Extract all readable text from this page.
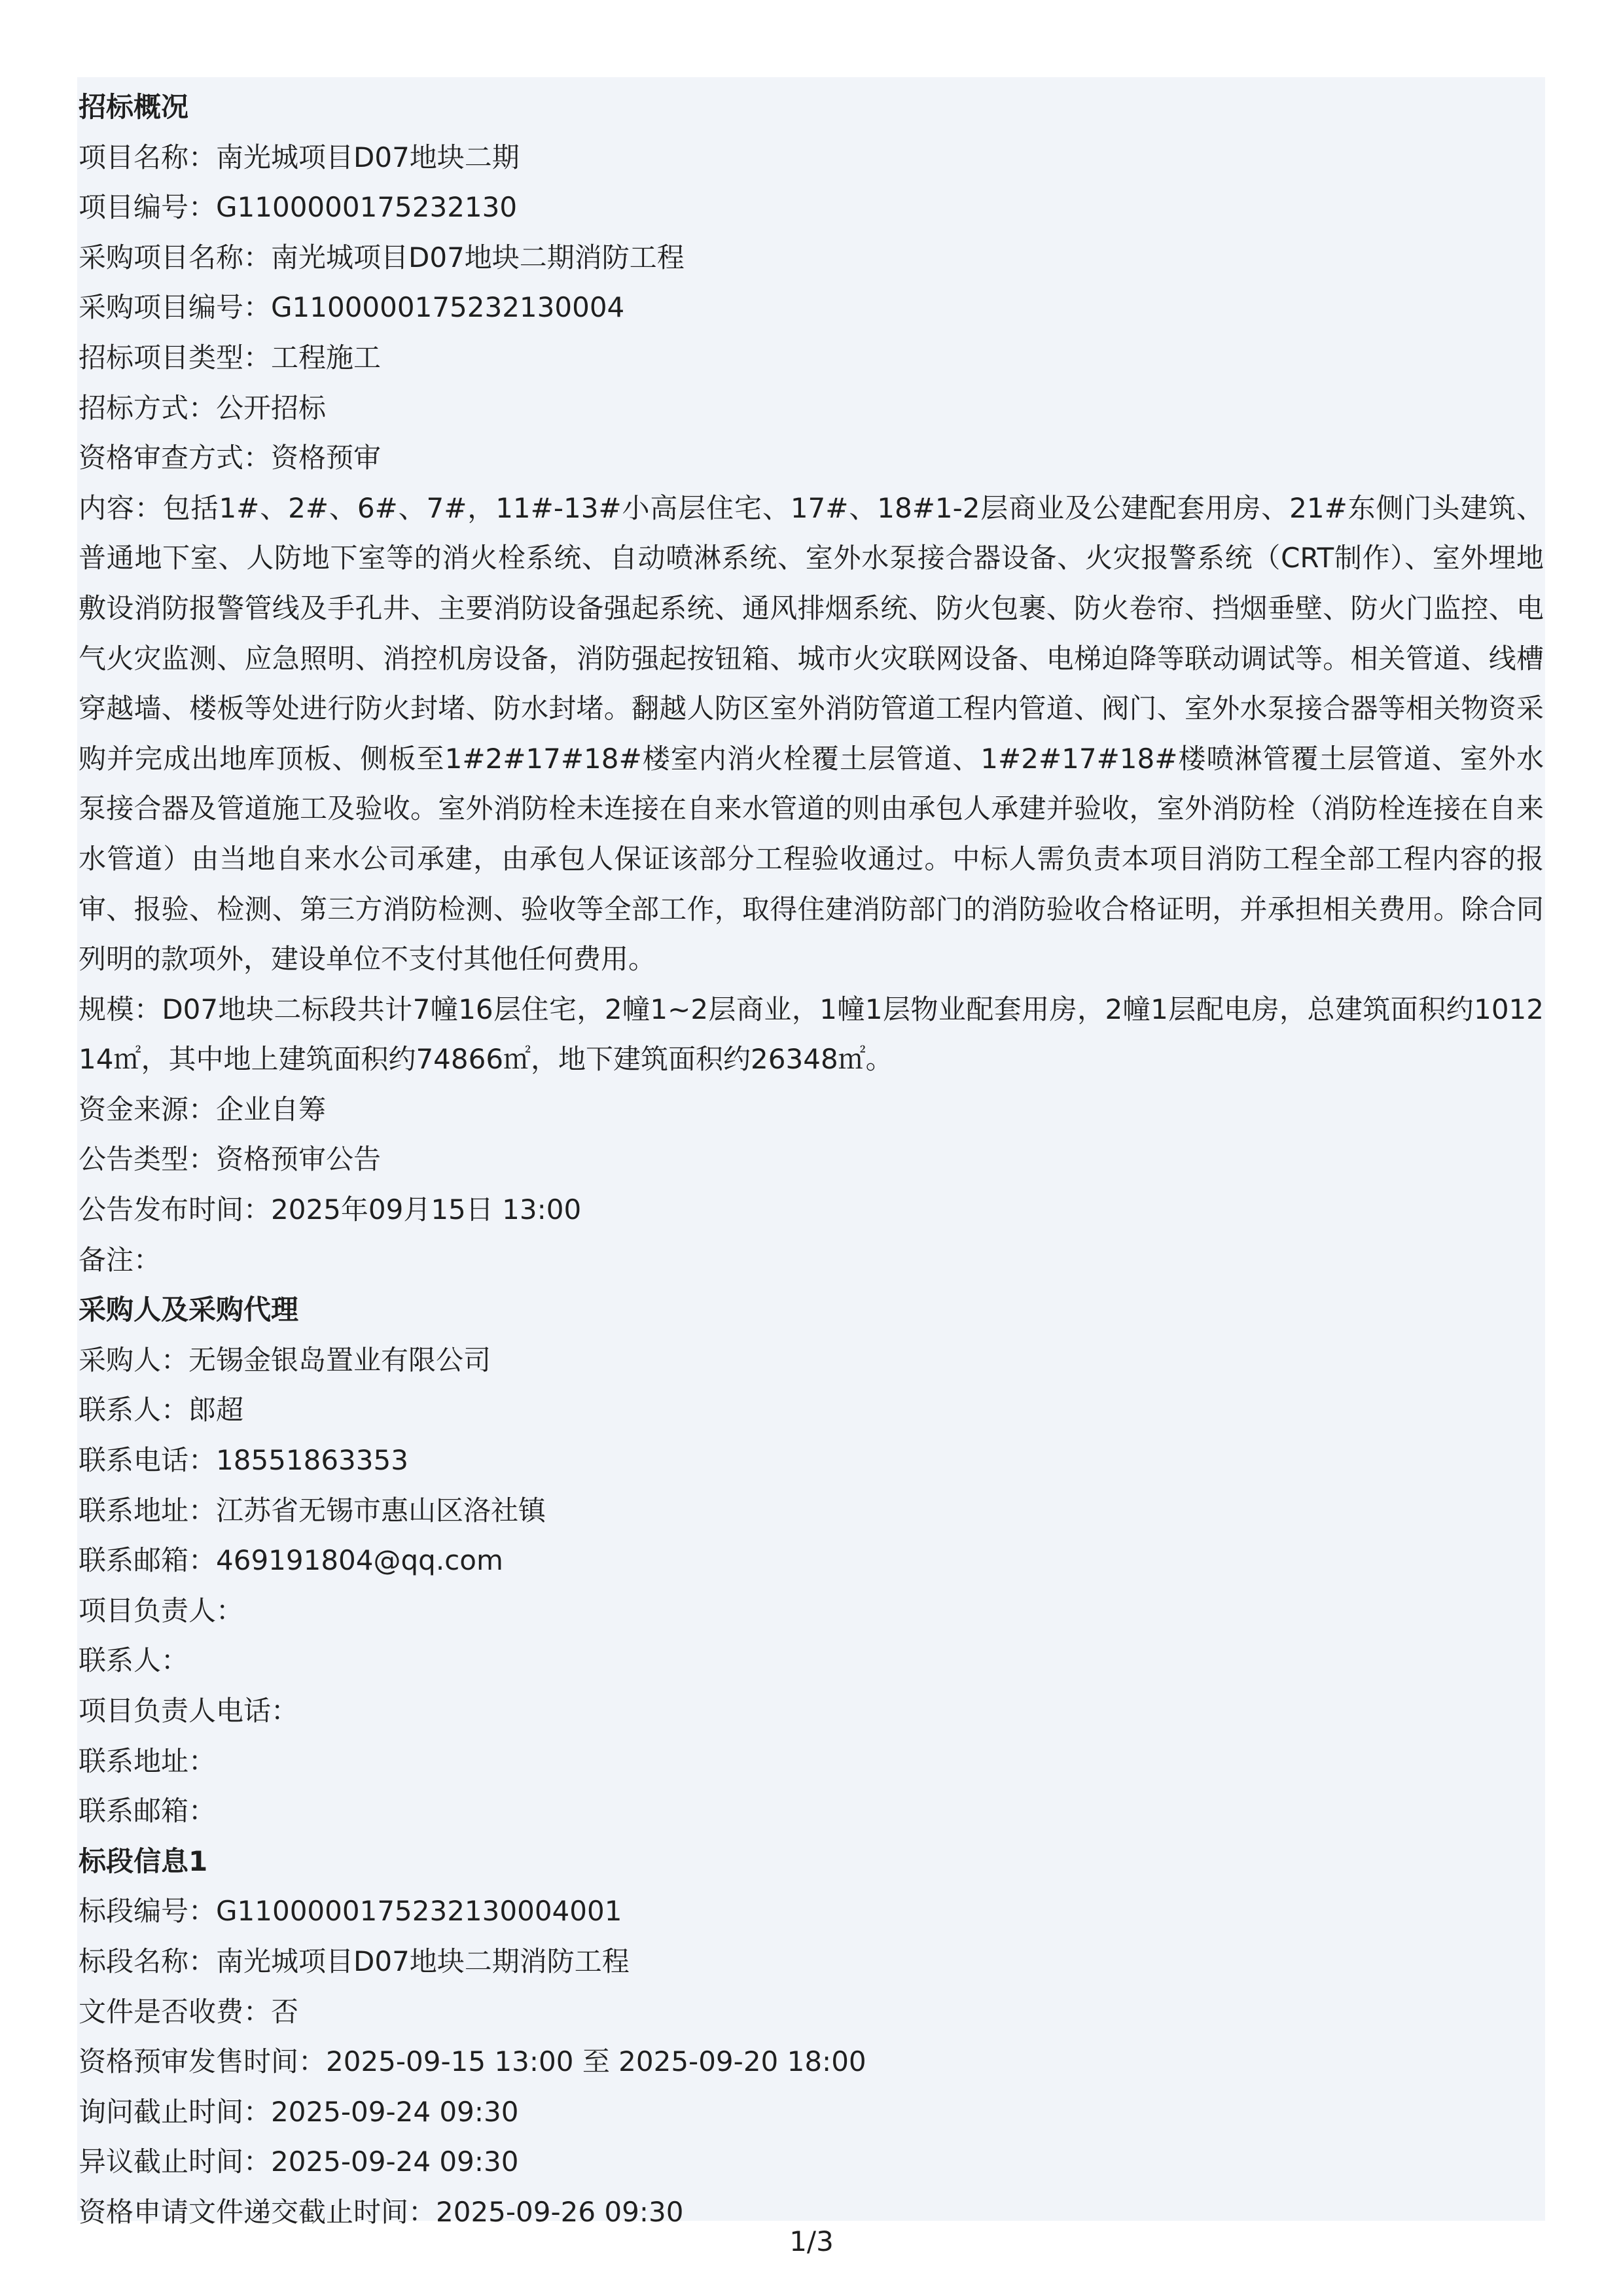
招标概况

项目名称：南光城项目D07地块二期

项目编号：G1100000175232130

采购项目名称：南光城项目D07地块二期消防工程

采购项目编号：G1100000175232130004

招标项目类型：工程施工

招标方式：公开招标

资格审查方式：资格预审

内容：包括1#、2#、6#、7#，11#-13#小高层住宅、17#、18#1-2层商业及公建配套用房、21#东侧门头建筑、普通地下室、人防地下室等的消火栓系统、自动喷淋系统、室外水泵接合器设备、火灾报警系统（CRT制作）、室外埋地敷设消防报警管线及手孔井、主要消防设备强起系统、通风排烟系统、防火包裹、防火卷帘、挡烟垂壁、防火门监控、电气火灾监测、应急照明、消控机房设备，消防强起按钮箱、城市火灾联网设备、电梯迫降等联动调试等。相关管道、线槽穿越墙、楼板等处进行防火封堵、防水封堵。翻越人防区室外消防管道工程内管道、阀门、室外水泵接合器等相关物资采购并完成出地库顶板、侧板至1#2#17#18#楼室内消火栓覆土层管道、1#2#17#18#楼喷淋管覆土层管道、室外水泵接合器及管道施工及验收。室外消防栓未连接在自来水管道的则由承包人承建并验收，室外消防栓（消防栓连接在自来水管道）由当地自来水公司承建，由承包人保证该部分工程验收通过。中标人需负责本项目消防工程全部工程内容的报审、报验、检测、第三方消防检测、验收等全部工作，取得住建消防部门的消防验收合格证明，并承担相关费用。除合同列明的款项外，建设单位不支付其他任何费用。

规模：D07地块二标段共计7幢16层住宅，2幢1~2层商业，1幢1层物业配套用房，2幢1层配电房，总建筑面积约101214㎡，其中地上建筑面积约74866㎡，地下建筑面积约26348㎡。

资金来源：企业自筹

公告类型：资格预审公告

公告发布时间：2025年09月15日 13:00

备注：

采购人及采购代理

采购人：无锡金银岛置业有限公司

联系人：郎超

联系电话：18551863353

联系地址：江苏省无锡市惠山区洛社镇

联系邮箱：469191804@qq.com

项目负责人：

联系人：

项目负责人电话：

联系地址：

联系邮箱：

标段信息1

标段编号：G1100000175232130004001

标段名称：南光城项目D07地块二期消防工程

文件是否收费：否

资格预审发售时间：2025-09-15 13:00 至 2025-09-20 18:00

询问截止时间：2025-09-24 09:30

异议截止时间：2025-09-24 09:30

资格申请文件递交截止时间：2025-09-26 09:30

1/3
